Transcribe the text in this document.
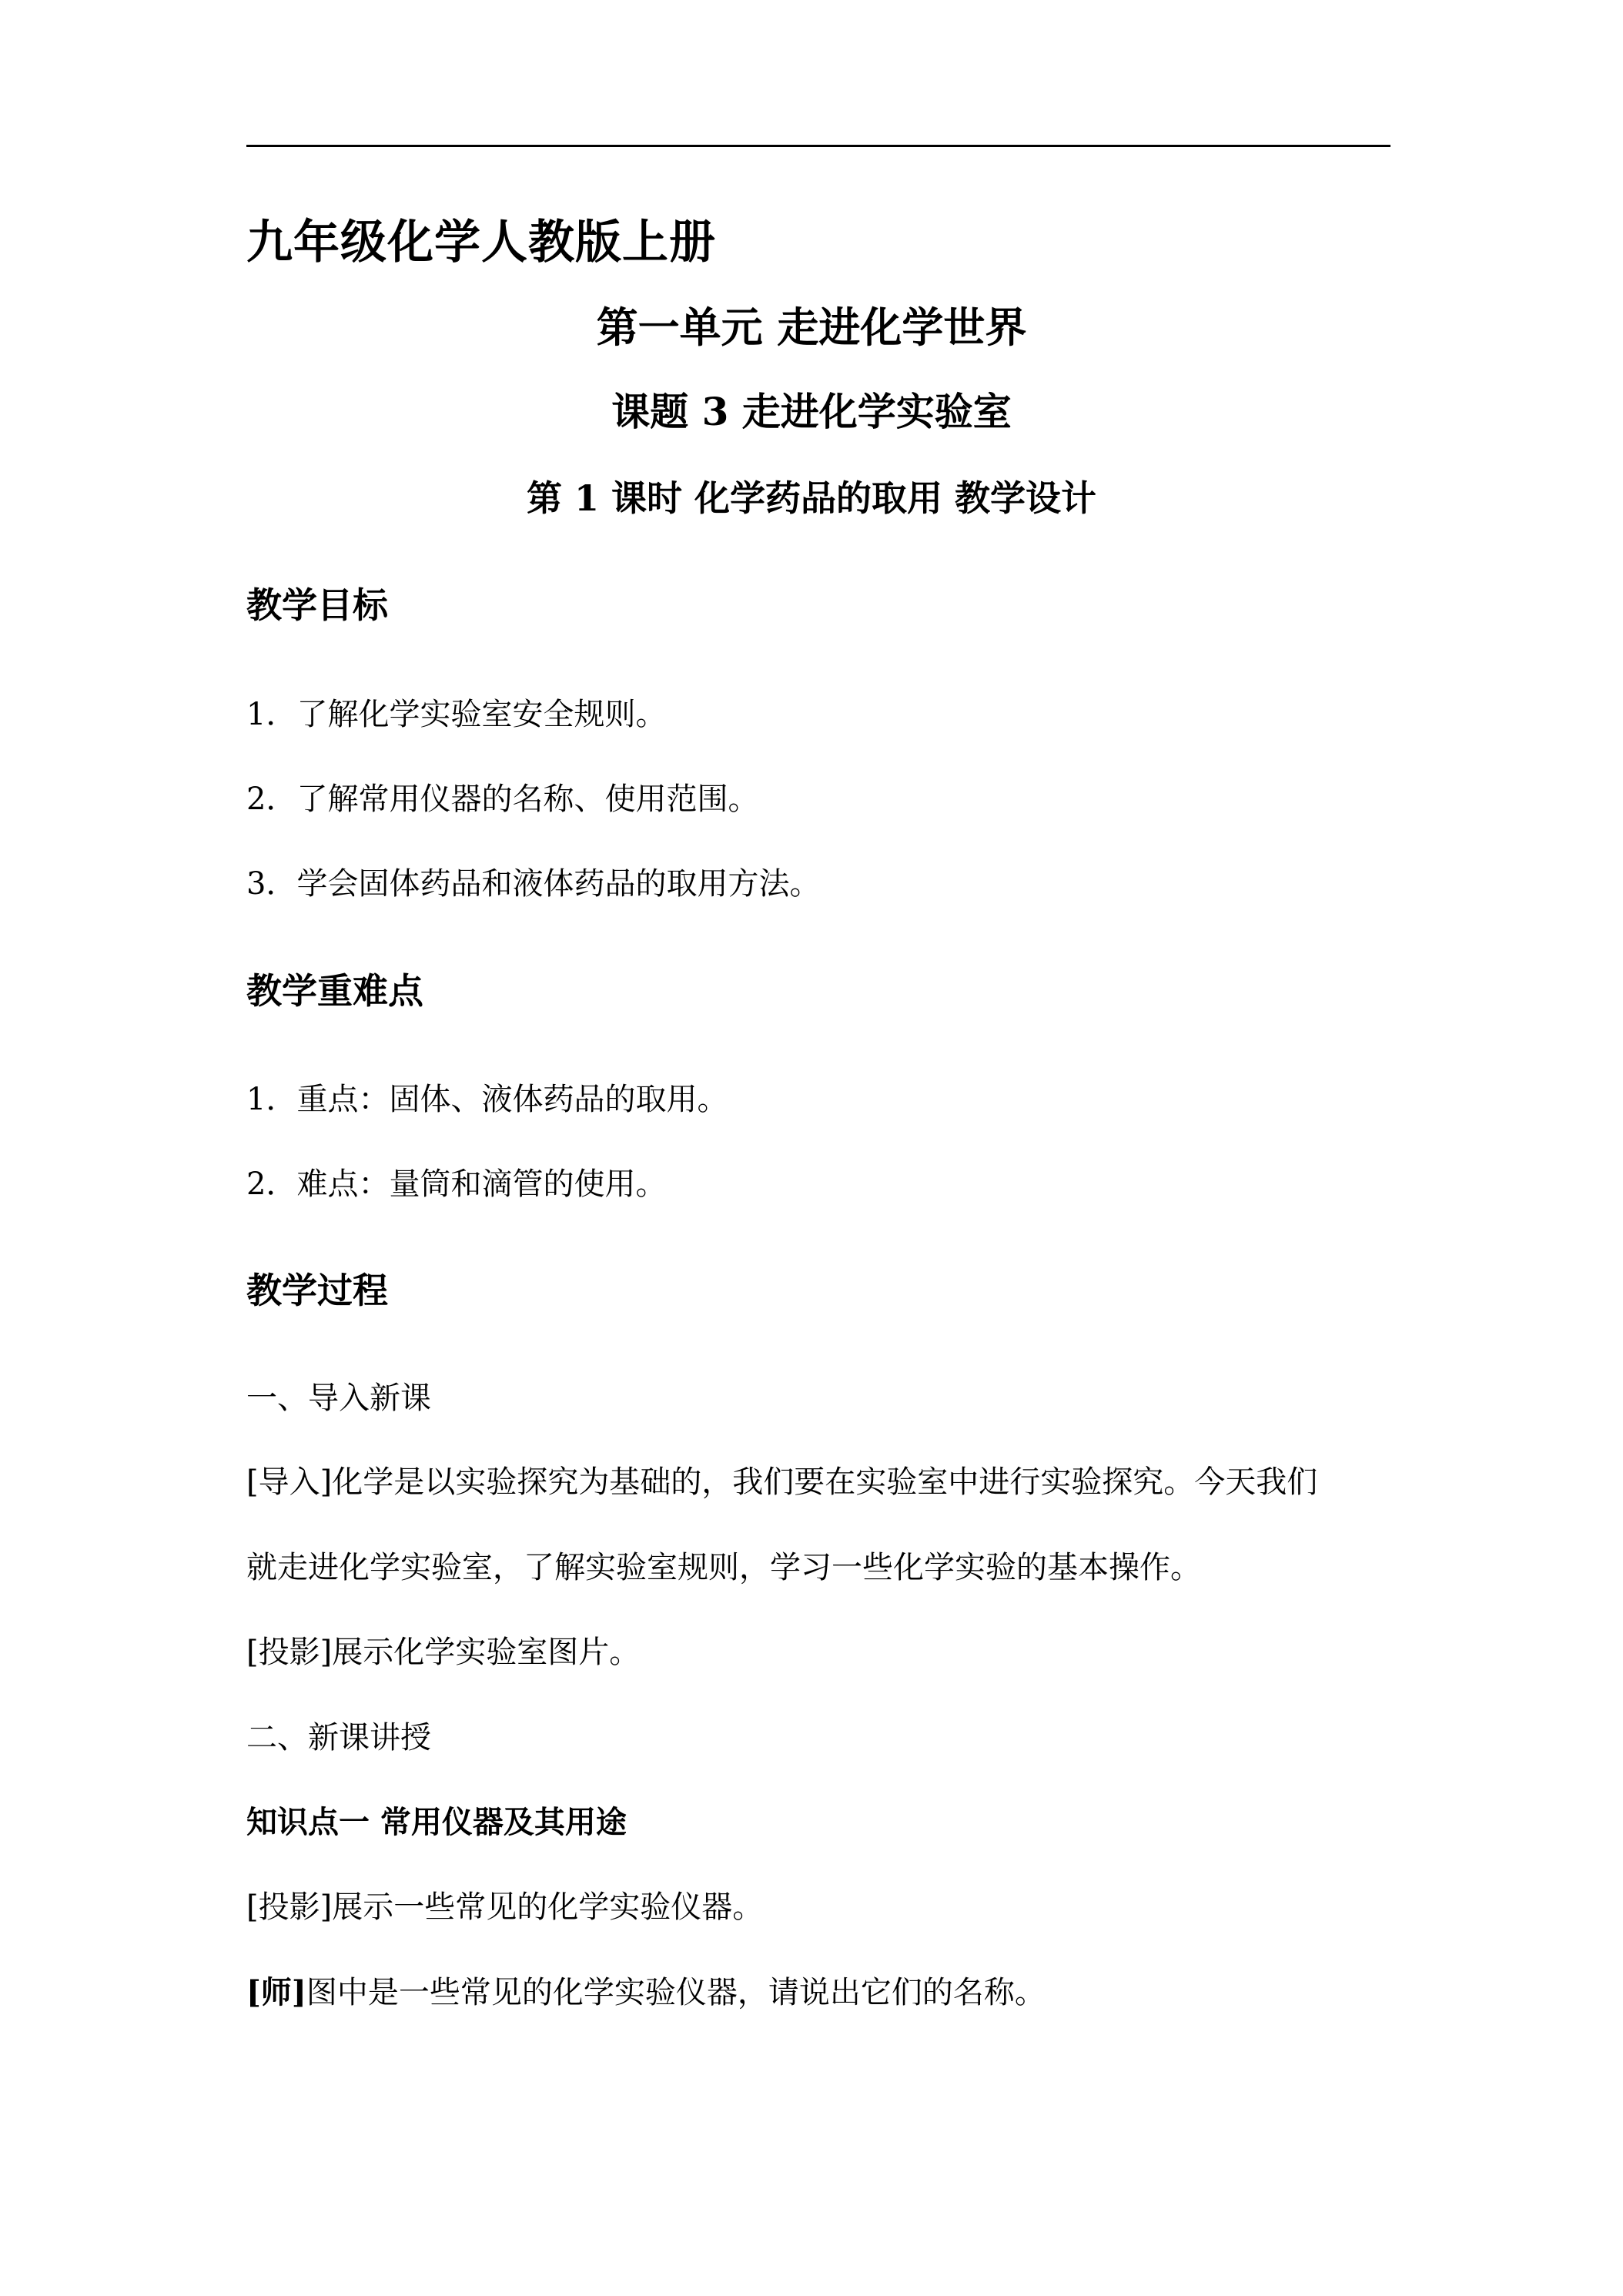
九年级化学人教版上册
第一单元 走进化学世界
课题 3 走进化学实验室
第 1 课时 化学药品的取用 教学设计
教学目标
1．了解化学实验室安全规则。
2．了解常用仪器的名称、使用范围。
3．学会固体药品和液体药品的取用方法。
教学重难点
1．重点：固体、液体药品的取用。
2．难点：量筒和滴管的使用。
教学过程
一、导入新课
[导入]化学是以实验探究为基础的，我们要在实验室中进行实验探究。今天我们
就走进化学实验室，了解实验室规则，学习一些化学实验的基本操作。
[投影]展示化学实验室图片。
二、新课讲授
知识点一 常用仪器及其用途
[投影]展示一些常见的化学实验仪器。
[师]图中是一些常见的化学实验仪器，请说出它们的名称。
